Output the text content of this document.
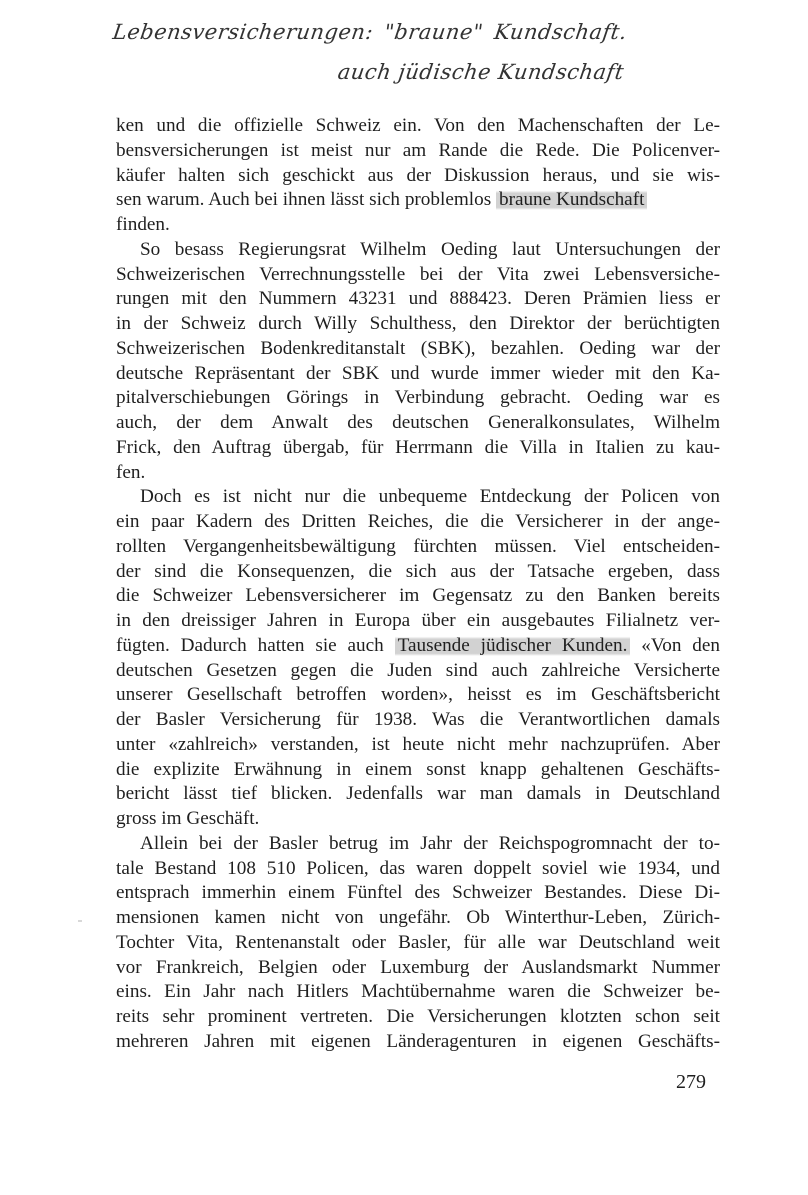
Lebensversicherungen: "braune" Kundschaft.
auch jüdische Kundschaft
ken und die offizielle Schweiz ein. Von den Machenschaften der Le-
bensversicherungen ist meist nur am Rande die Rede. Die Policenver-
käufer halten sich geschickt aus der Diskussion heraus, und sie wis-
sen warum. Auch bei ihnen lässt sich problemlos braune Kundschaft
finden.
So besass Regierungsrat Wilhelm Oeding laut Untersuchungen der
Schweizerischen Verrechnungsstelle bei der Vita zwei Lebensversiche-
rungen mit den Nummern 43231 und 888423. Deren Prämien liess er
in der Schweiz durch Willy Schulthess, den Direktor der berüchtigten
Schweizerischen Bodenkreditanstalt (SBK), bezahlen. Oeding war der
deutsche Repräsentant der SBK und wurde immer wieder mit den Ka-
pitalverschiebungen Görings in Verbindung gebracht. Oeding war es
auch, der dem Anwalt des deutschen Generalkonsulates, Wilhelm
Frick, den Auftrag übergab, für Herrmann die Villa in Italien zu kau-
fen.
Doch es ist nicht nur die unbequeme Entdeckung der Policen von
ein paar Kadern des Dritten Reiches, die die Versicherer in der ange-
rollten Vergangenheitsbewältigung fürchten müssen. Viel entscheiden-
der sind die Konsequenzen, die sich aus der Tatsache ergeben, dass
die Schweizer Lebensversicherer im Gegensatz zu den Banken bereits
in den dreissiger Jahren in Europa über ein ausgebautes Filialnetz ver-
fügten. Dadurch hatten sie auch Tausende jüdischer Kunden. «Von den
deutschen Gesetzen gegen die Juden sind auch zahlreiche Versicherte
unserer Gesellschaft betroffen worden», heisst es im Geschäftsbericht
der Basler Versicherung für 1938. Was die Verantwortlichen damals
unter «zahlreich» verstanden, ist heute nicht mehr nachzuprüfen. Aber
die explizite Erwähnung in einem sonst knapp gehaltenen Geschäfts-
bericht lässt tief blicken. Jedenfalls war man damals in Deutschland
gross im Geschäft.
Allein bei der Basler betrug im Jahr der Reichspogromnacht der to-
tale Bestand 108 510 Policen, das waren doppelt soviel wie 1934, und
entsprach immerhin einem Fünftel des Schweizer Bestandes. Diese Di-
mensionen kamen nicht von ungefähr. Ob Winterthur-Leben, Zürich-
Tochter Vita, Rentenanstalt oder Basler, für alle war Deutschland weit
vor Frankreich, Belgien oder Luxemburg der Auslandsmarkt Nummer
eins. Ein Jahr nach Hitlers Machtübernahme waren die Schweizer be-
reits sehr prominent vertreten. Die Versicherungen klotzten schon seit
mehreren Jahren mit eigenen Länderagenturen in eigenen Geschäfts-
279
